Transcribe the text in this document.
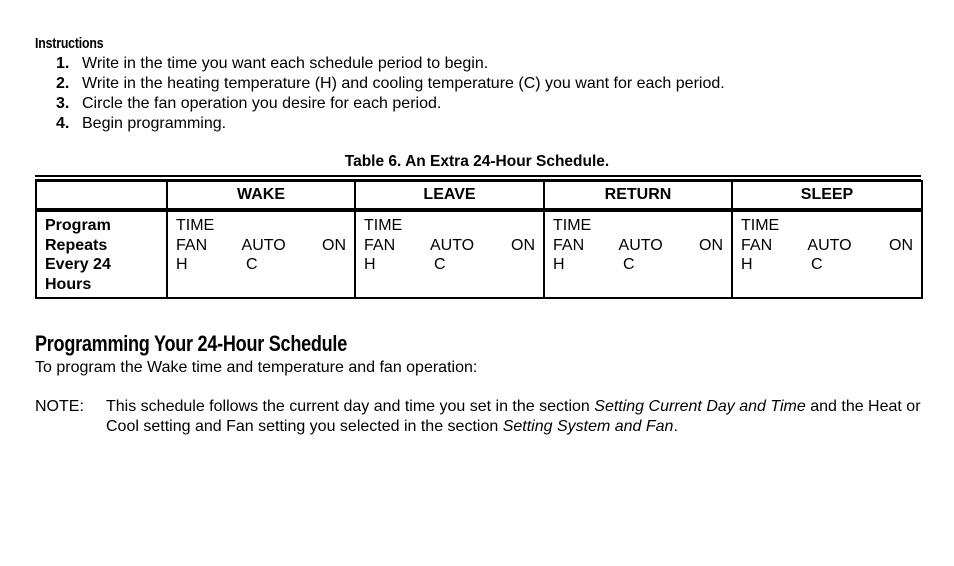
Instructions
1. Write in the time you want each schedule period to begin.
2. Write in the heating temperature (H) and cooling temperature (C) you want for each period.
3. Circle the fan operation you desire for each period.
4. Begin programming.
Table 6. An Extra 24-Hour Schedule.
	WAKE	LEAVE	RETURN	SLEEP

Program
Repeats
Every 24
Hours

TIME
FAN	AUTO	ON
H	C

TIME
FAN	AUTO	ON
H	C

TIME
FAN	AUTO	ON
H	C

TIME
FAN	AUTO	ON
H	C
Programming Your 24-Hour Schedule
To program the Wake time and temperature and fan operation:
NOTE:	This schedule follows the current day and time you set in the section Setting Current Day and Time and the Heat or Cool setting and Fan setting you selected in the section Setting System and Fan.
